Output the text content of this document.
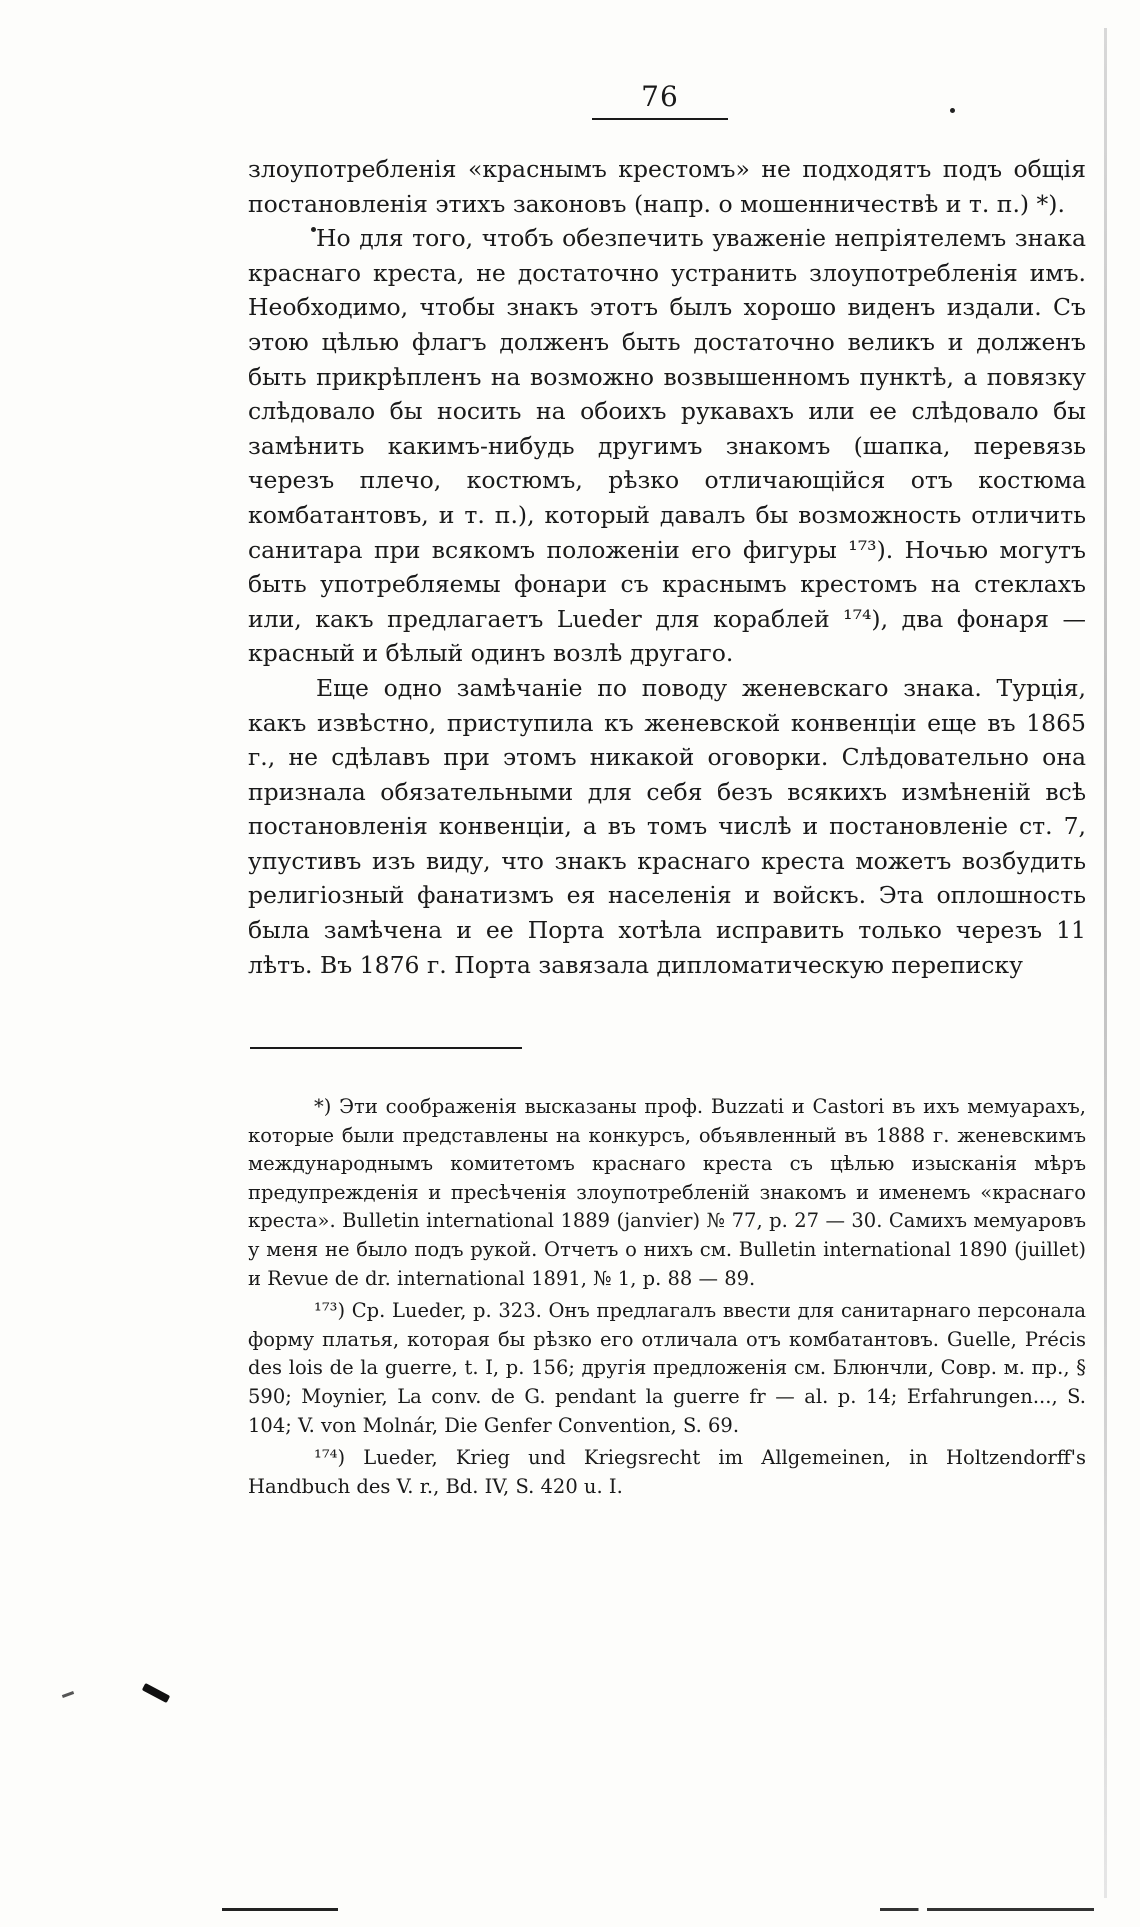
76

злоупотребленія «краснымъ крестомъ» не подходятъ подъ общія постановленія этихъ законовъ (напр. о мошенничествѣ и т. п.) *).

Но для того, чтобъ обезпечить уваженіе непріятелемъ знака краснаго креста, не достаточно устранить злоупотребленія имъ. Необходимо, чтобы знакъ этотъ былъ хорошо виденъ издали. Съ этою цѣлью флагъ долженъ быть достаточно великъ и долженъ быть прикрѣпленъ на возможно возвышенномъ пунктѣ, а повязку слѣдовало бы носить на обоихъ рукавахъ или ее слѣдовало бы замѣнить какимъ-нибудь другимъ знакомъ (шапка, перевязь черезъ плечо, костюмъ, рѣзко отличающійся отъ костюма комбатантовъ, и т. п.), который давалъ бы возможность отличить санитара при всякомъ положеніи его фигуры ¹⁷³). Ночью могутъ быть употребляемы фонари съ краснымъ крестомъ на стеклахъ или, какъ предлагаетъ Lueder для кораблей ¹⁷⁴), два фонаря — красный и бѣлый одинъ возлѣ другаго.

Еще одно замѣчаніе по поводу женевскаго знака. Турція, какъ извѣстно, приступила къ женевской конвенціи еще въ 1865 г., не сдѣлавъ при этомъ никакой оговорки. Слѣдовательно она признала обязательными для себя безъ всякихъ измѣненій всѣ постановленія конвенціи, а въ томъ числѣ и постановленіе ст. 7, упустивъ изъ виду, что знакъ краснаго креста можетъ возбудить религіозный фанатизмъ ея населенія и войскъ. Эта оплошность была замѣчена и ее Порта хотѣла исправить только черезъ 11 лѣтъ. Въ 1876 г. Порта завязала дипломатическую переписку

*) Эти соображенія высказаны проф. Buzzati и Castori въ ихъ мемуарахъ, которые были представлены на конкурсъ, объявленный въ 1888 г. женевскимъ международнымъ комитетомъ краснаго креста съ цѣлью изысканія мѣръ предупрежденія и пресѣченія злоупотребленій знакомъ и именемъ «краснаго креста». Bulletin international 1889 (janvier) № 77, p. 27 — 30. Самихъ мемуаровъ у меня не было подъ рукой. Отчетъ о нихъ см. Bulletin international 1890 (juillet) и Revue de dr. international 1891, № 1, p. 88 — 89.

¹⁷³) Ср. Lueder, p. 323. Онъ предлагалъ ввести для санитарнаго персонала форму платья, которая бы рѣзко его отличала отъ комбатантовъ. Guelle, Précis des lois de la guerre, t. I, p. 156; другія предложенія см. Блюнчли, Совр. м. пр., § 590; Moynier, La conv. de G. pendant la guerre fr — al. p. 14; Erfahrungen..., S. 104; V. von Molnár, Die Genfer Convention, S. 69.

¹⁷⁴) Lueder, Krieg und Kriegsrecht im Allgemeinen, in Holtzendorff's Handbuch des V. r., Bd. IV, S. 420 u. I.
